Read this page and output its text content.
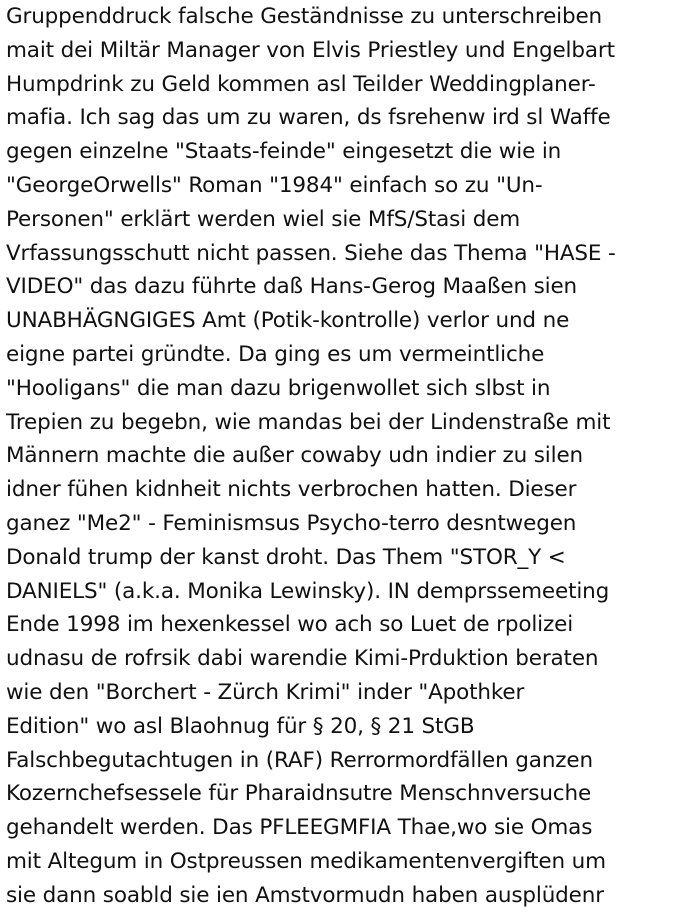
Gruppenddruck falsche Geständnisse zu unterschreiben
mait dei Miltär Manager von Elvis Priestley und Engelbart
Humpdrink zu Geld kommen asl Teilder Weddingplaner-
mafia. Ich sag das um zu waren, ds fsrehenw ird sl Waffe
gegen einzelne "Staats-feinde" eingesetzt die wie in
"GeorgeOrwells" Roman "1984" einfach so zu "Un-
Personen" erklärt werden wiel sie MfS/Stasi dem
Vrfassungsschutt nicht passen. Siehe das Thema "HASE -
VIDEO" das dazu führte daß Hans-Gerog Maaßen sien
UNABHÄGNGIGES Amt (Potik-kontrolle) verlor und ne
eigne partei gründte. Da ging es um vermeintliche
"Hooligans" die man dazu brigenwollet sich slbst in
Trepien zu begebn, wie mandas bei der Lindenstraße mit
Männern machte die außer cowaby udn indier zu silen
idner fühen kidnheit nichts verbrochen hatten. Dieser
ganez "Me2" - Feminismsus Psycho-terro desntwegen
Donald trump der kanst droht. Das Them "STOR_Y <
DANIELS" (a.k.a. Monika Lewinsky). IN demprssemeeting
Ende 1998 im hexenkessel wo ach so Luet de rpolizei
udnasu de rofrsik dabi warendie Kimi-Prduktion beraten
wie den "Borchert - Zürch Krimi" inder "Apothker
Edition" wo asl Blaohnug für § 20, § 21 StGB
Falschbegutachtugen in (RAF) Rerrormordfällen ganzen
Kozernchefsessele für Pharaidnsutre Menschnversuche
gehandelt werden. Das PFLEEGMFIA Thae,wo sie Omas
mit Altegum in Ostpreussen medikamentenvergiften um
sie dann soabld sie ien Amstvormudn haben ausplüdenr
